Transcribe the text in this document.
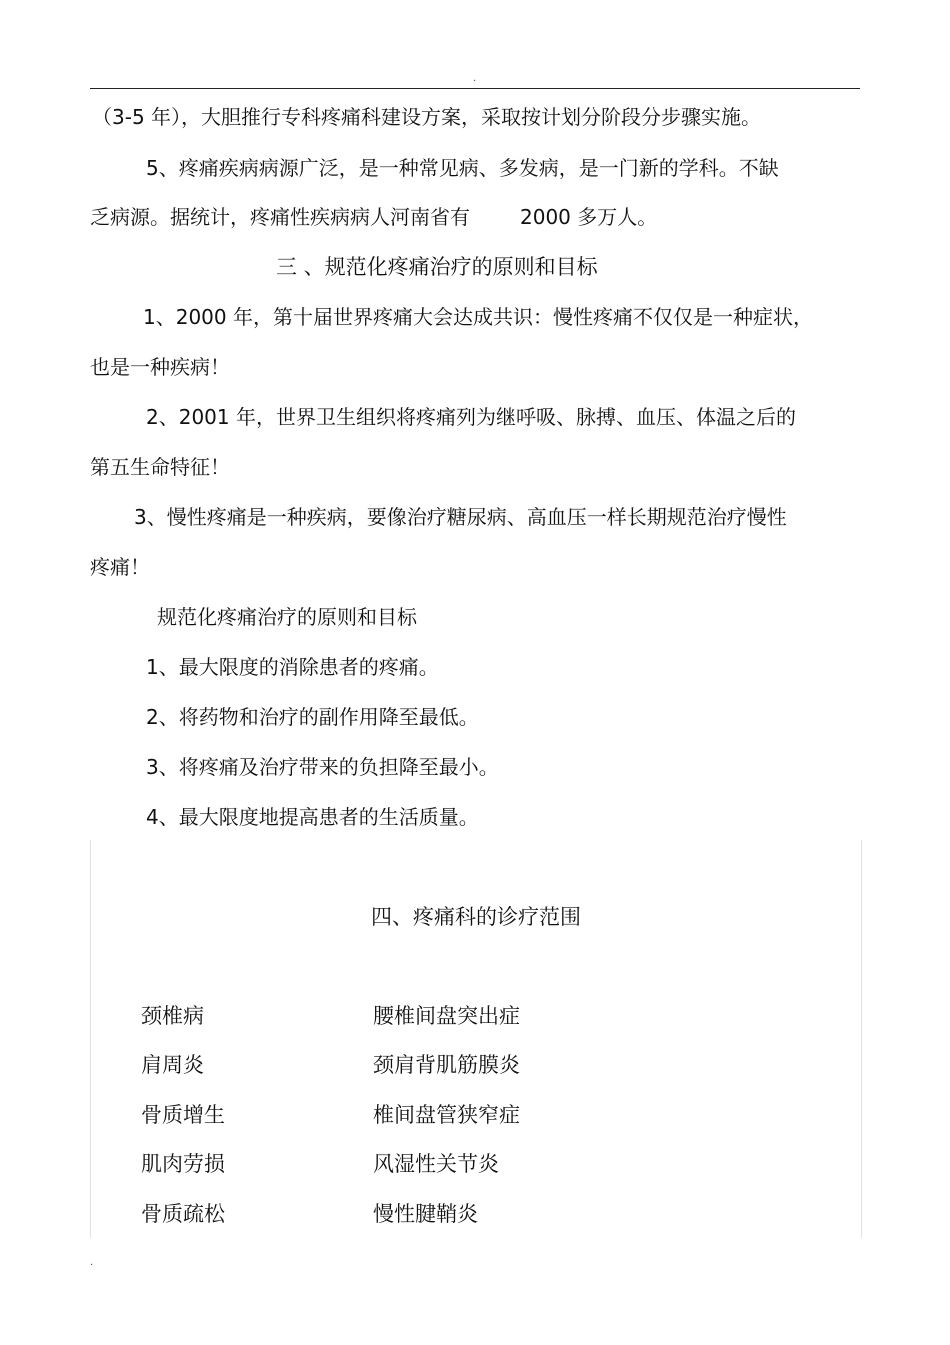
.
（3-5 年），大胆推行专科疼痛科建设方案，采取按计划分阶段分步骤实施。
5、疼痛疾病病源广泛，是一种常见病、多发病，是一门新的学科。不缺
乏病源。据统计，疼痛性疾病病人河南省有	2000 多万人。
三 、规范化疼痛治疗的原则和目标
1、2000 年，第十届世界疼痛大会达成共识：慢性疼痛不仅仅是一种症状，
也是一种疾病！
2、2001 年，世界卫生组织将疼痛列为继呼吸、脉搏、血压、体温之后的
第五生命特征！
3、慢性疼痛是一种疾病，要像治疗糖尿病、高血压一样长期规范治疗慢性
疼痛！
规范化疼痛治疗的原则和目标
1、最大限度的消除患者的疼痛。
2、将药物和治疗的副作用降至最低。
3、将疼痛及治疗带来的负担降至最小。
4、最大限度地提高患者的生活质量。
四、疼痛科的诊疗范围
颈椎病	腰椎间盘突出症
肩周炎	颈肩背肌筋膜炎
骨质增生	椎间盘管狭窄症
肌肉劳损	风湿性关节炎
骨质疏松	慢性腱鞘炎
.
